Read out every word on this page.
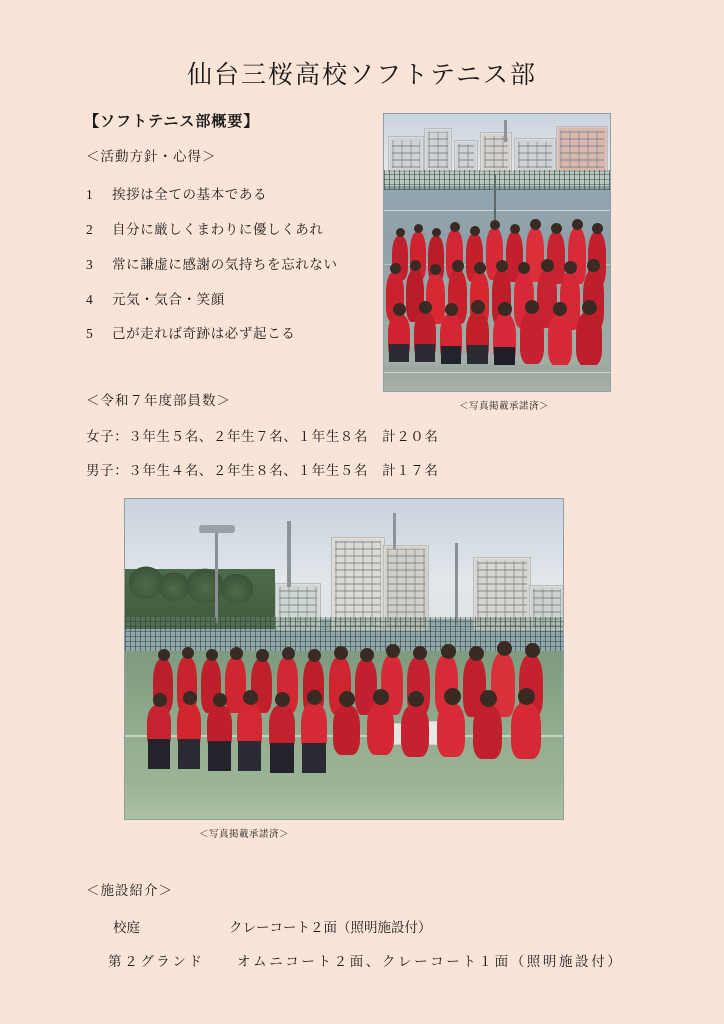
仙台三桜高校ソフトテニス部
【ソフトテニス部概要】
＜活動方針・心得＞
1 挨拶は全ての基本である
2 自分に厳しくまわりに優しくあれ
3 常に謙虚に感謝の気持ちを忘れない
4 元気・気合・笑顔
5 己が走れば奇跡は必ず起こる
＜令和７年度部員数＞
女子：３年生５名、２年生７名、１年生８名　計２０名
男子：３年生４名、２年生８名、１年生５名　計１７名
＜写真掲載承諾済＞
＜写真掲載承諾済＞
＜施設紹介＞
校庭	クレーコート２面（照明施設付）
第２グランド オムニコート２面、クレーコート１面（照明施設付）
